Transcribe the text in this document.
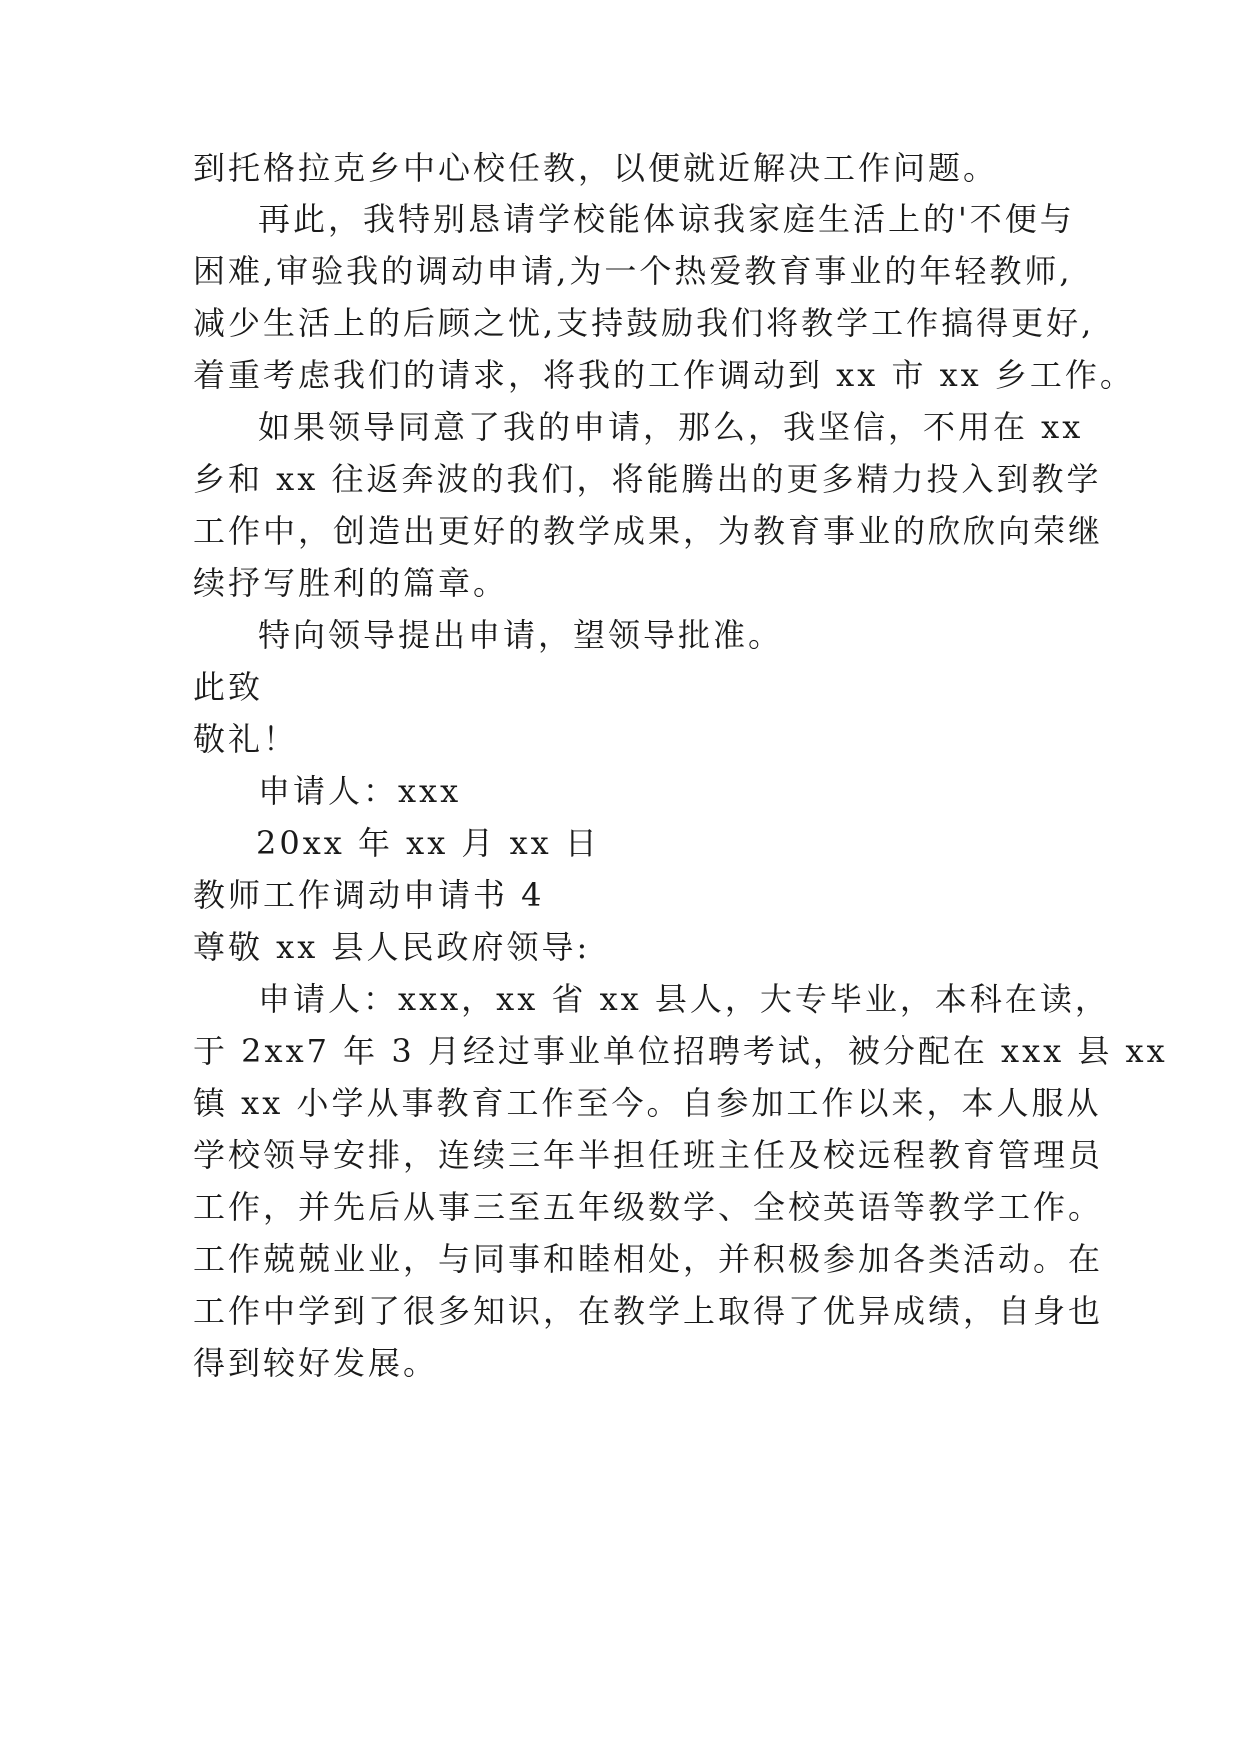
到托格拉克乡中心校任教，以便就近解决工作问题。
再此，我特别恳请学校能体谅我家庭生活上的'不便与
困难,审验我的调动申请,为一个热爱教育事业的年轻教师,
减少生活上的后顾之忧,支持鼓励我们将教学工作搞得更好,
着重考虑我们的请求，将我的工作调动到 xx 市 xx 乡工作。
如果领导同意了我的申请，那么，我坚信，不用在 xx
乡和 xx 往返奔波的我们，将能腾出的更多精力投入到教学
工作中，创造出更好的教学成果，为教育事业的欣欣向荣继
续抒写胜利的篇章。
特向领导提出申请，望领导批准。
此致
敬礼！
申请人：xxx
20xx 年 xx 月 xx 日
教师工作调动申请书 4
尊敬 xx 县人民政府领导:
申请人：xxx，xx 省 xx 县人，大专毕业，本科在读，
于 2xx7 年 3 月经过事业单位招聘考试，被分配在 xxx 县 xx
镇 xx 小学从事教育工作至今。自参加工作以来，本人服从
学校领导安排，连续三年半担任班主任及校远程教育管理员
工作，并先后从事三至五年级数学、全校英语等教学工作。
工作兢兢业业，与同事和睦相处，并积极参加各类活动。在
工作中学到了很多知识，在教学上取得了优异成绩，自身也
得到较好发展。
